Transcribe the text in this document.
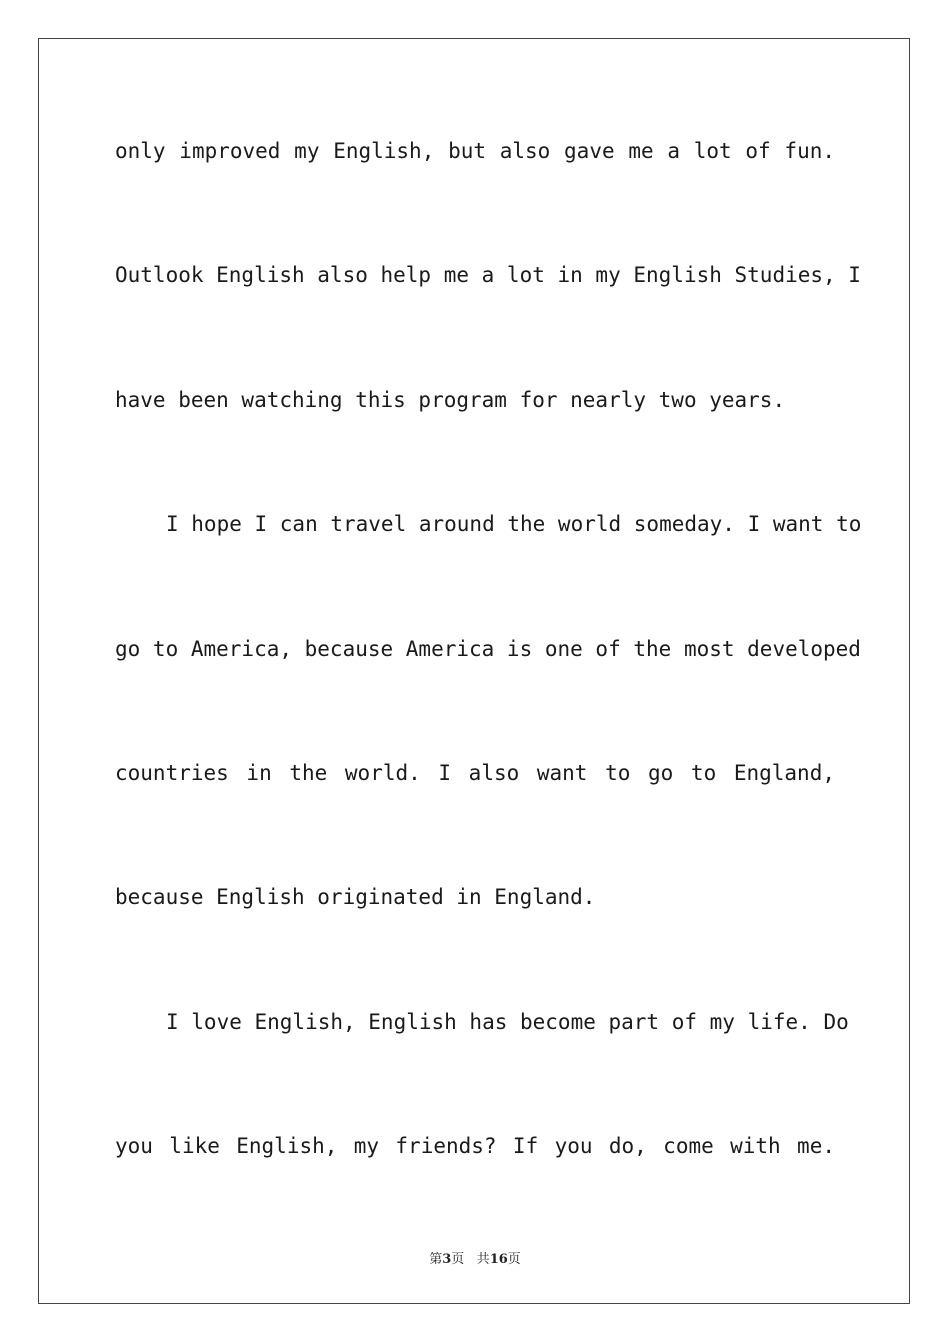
only improved my English, but also gave me a lot of fun.
Outlook English also help me a lot in my English Studies, I
have been watching this program for nearly two years.
I hope I can travel around the world someday. I want to
go to America, because America is one of the most developed
countries in the world. I also want to go to England,
because English originated in England.
I love English, English has become part of my life. Do
you like English, my friends? If you do, come with me.
第3页 共16页
